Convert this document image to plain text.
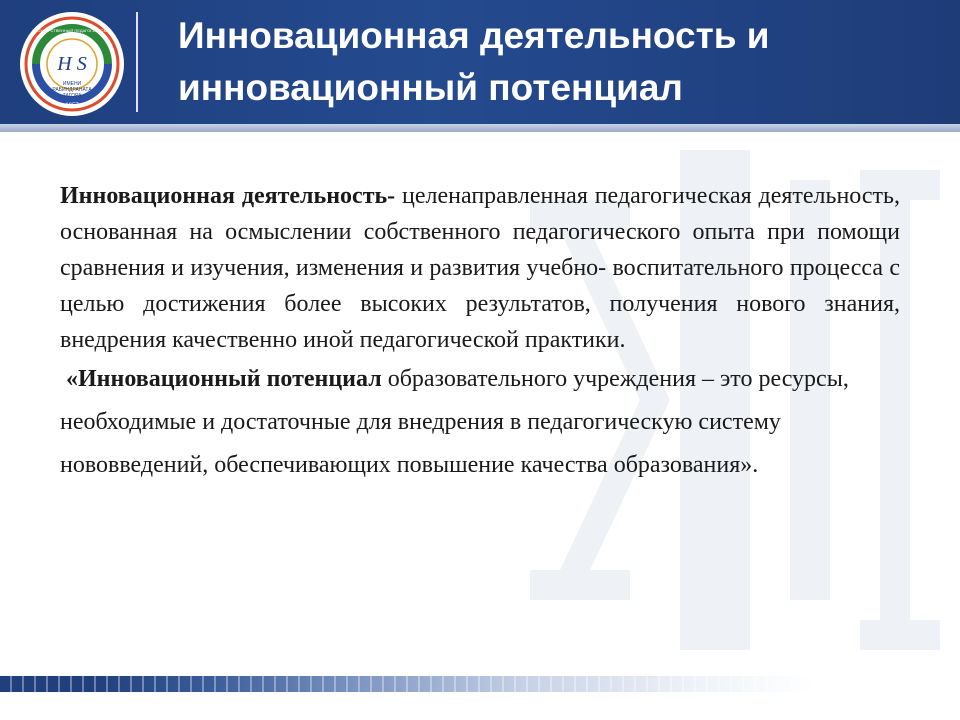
H S
ИМЕНИ
РАБИНДРАНАТА
ТАГОРА
1957
ГОСУДАРСТВЕННЫЙ ПЕДАГОГИЧЕСКИЙ Инновационная деятельность и
инновационный потенциал

Инновационная деятельность- целенаправленная педагогическая деятельность, основанная на осмыслении собственного педагогического опыта при помощи сравнения и изучения, изменения и развития учебно- воспитательного процесса с целью достижения более высоких результатов, получения нового знания, внедрения качественно иной педагогической практики.

«Инновационный потенциал образовательного учреждения – это ресурсы, необходимые и достаточные для внедрения в педагогическую систему нововведений, обеспечивающих повышение качества образования».
